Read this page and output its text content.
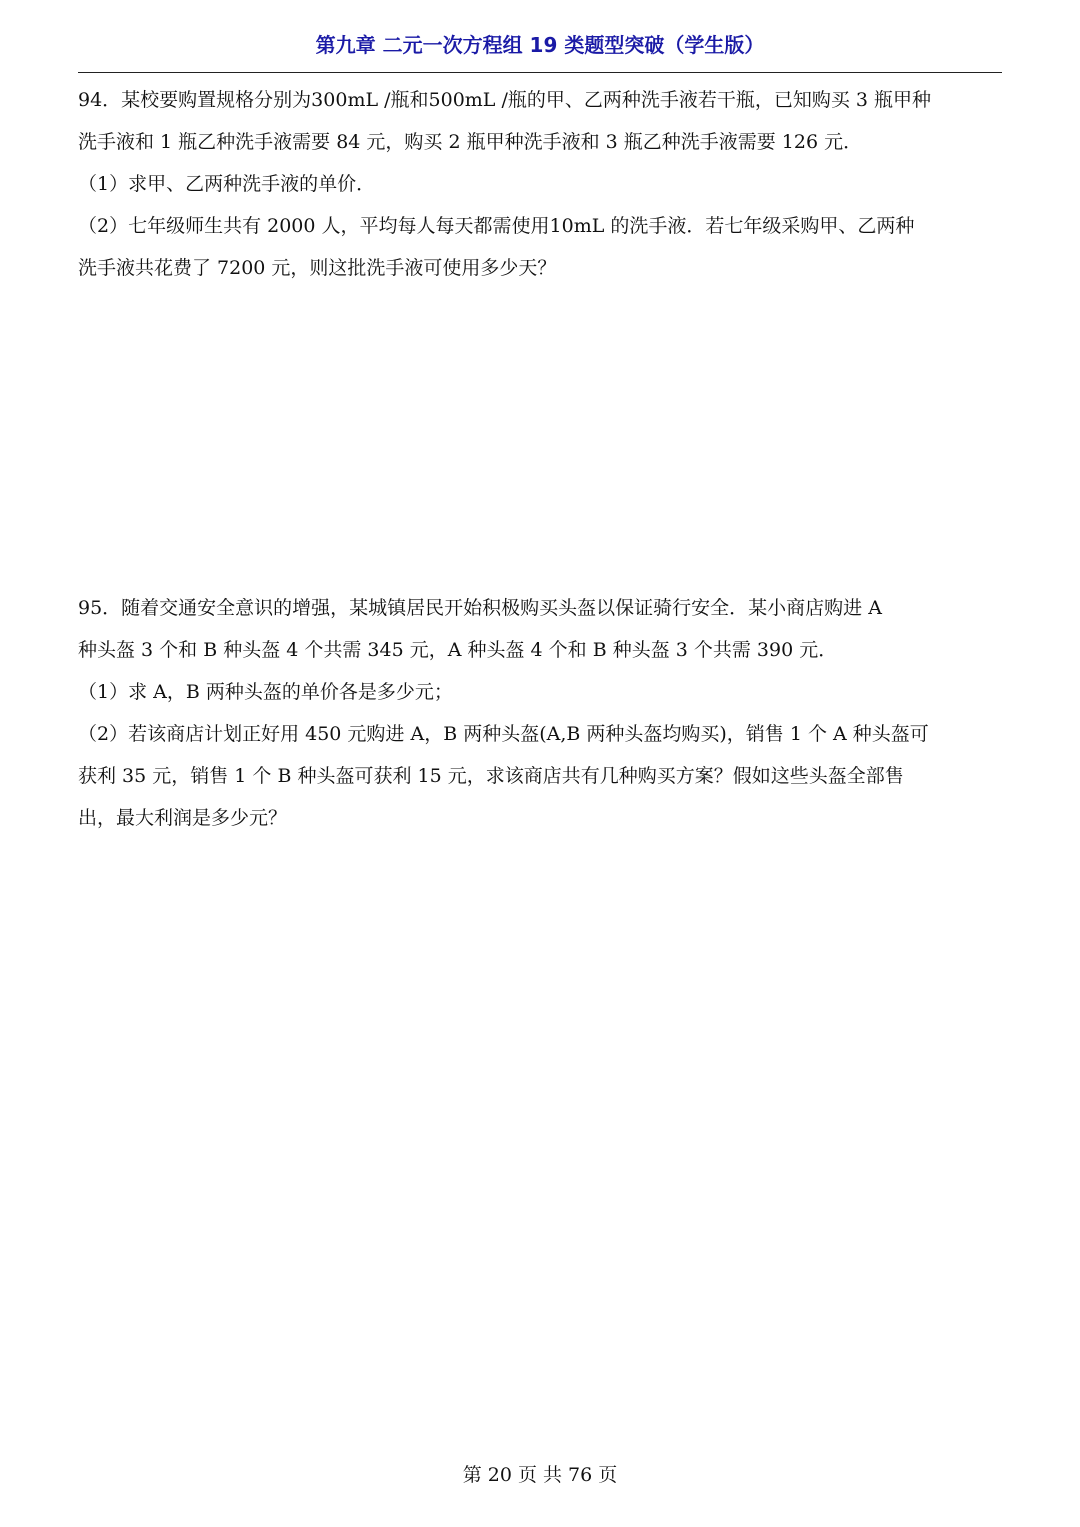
第九章 二元一次方程组 19 类题型突破（学生版）

94．某校要购置规格分别为300mL /瓶和500mL /瓶的甲、乙两种洗手液若干瓶，已知购买 3 瓶甲种

洗手液和 1 瓶乙种洗手液需要 84 元，购买 2 瓶甲种洗手液和 3 瓶乙种洗手液需要 126 元．

（1）求甲、乙两种洗手液的单价．

（2）七年级师生共有 2000 人，平均每人每天都需使用10mL 的洗手液．若七年级采购甲、乙两种

洗手液共花费了 7200 元，则这批洗手液可使用多少天？

95．随着交通安全意识的增强，某城镇居民开始积极购买头盔以保证骑行安全．某小商店购进 A

种头盔 3 个和 B 种头盔 4 个共需 345 元，A 种头盔 4 个和 B 种头盔 3 个共需 390 元．

（1）求 A，B 两种头盔的单价各是多少元；

（2）若该商店计划正好用 450 元购进 A，B 两种头盔(A,B 两种头盔均购买)，销售 1 个 A 种头盔可

获利 35 元，销售 1 个 B 种头盔可获利 15 元，求该商店共有几种购买方案？假如这些头盔全部售

出，最大利润是多少元？

第 20 页 共 76 页
